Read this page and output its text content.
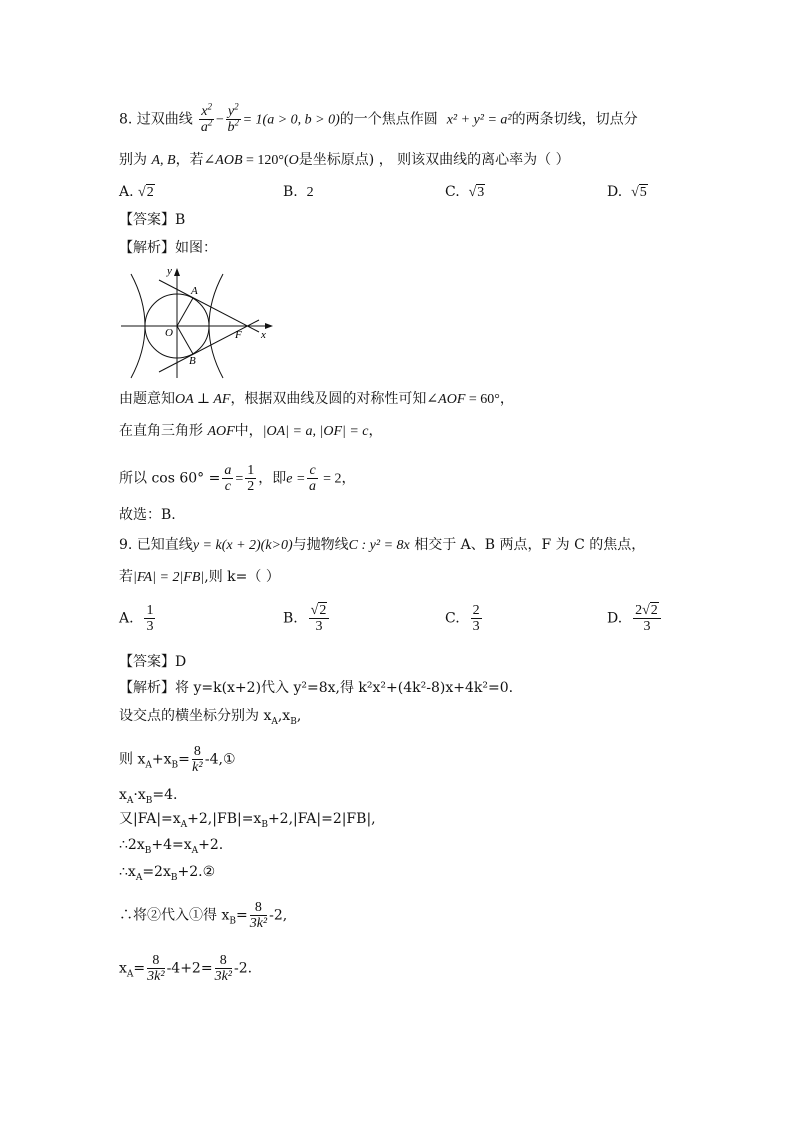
8. 过双曲线 $\frac{x^2}{a^2} - \frac{y^2}{b^2} = 1(a > 0$, b > 0)的一个焦点作圆 x² + y² = a²的两条切线，切点分
别为 A, B，若∠AOB = 120°(O是坐标原点) ， 则该双曲线的离心率为（ ）
A. √2	B. 2	C. √3	D. √5
【答案】B
【解析】如图：
y
A
O
B
F x
由题意知OA ⊥ AF，根据双曲线及圆的对称性可知∠AOF = 60°，
在直角三角形 AOF中，|OA| = a, |OF| = c，
所以 $\cos 60^\circ = \frac{a}{c} = \frac{1}{2}$ ，即$e = \frac{c}{a} = 2$，
故选：B.
9. 已知直线y = k(x + 2)(k>0)与抛物线C : y² = 8x 相交于 A、B 两点，F 为 C 的焦点，
若|FA| = 2|FB|,则 k=（ ）
A. $\frac{1}{3}$	B. $\frac{√2}{3}$	C. $\frac{2}{3}$	D. $\frac{2√2}{3}$
【答案】D
【解析】将 y=k(x+2)代入 y²=8x,得 k²x²+(4k²-8)x+4k²=0.
设交点的横坐标分别为 $x_A,x_B$,
则 $x_A+x_B= \frac{8}{\text{k²}}$ -4,①
$x_A\cdot x_B=4$.
又$|FA|=x_A+2,|FB|=x_B+2,|FA|=2|FB|$,
$\therefore 2x_B+4=x_A+2$.
$\therefore x_A=2x_B+2.②$
∴将②代入①得 $x_B= \frac{8}{\text{3k²}} -2$,
$x_A= \frac{8}{\text{3k²}} -4+2= \frac{8}{\text{3k²}} -2$.
